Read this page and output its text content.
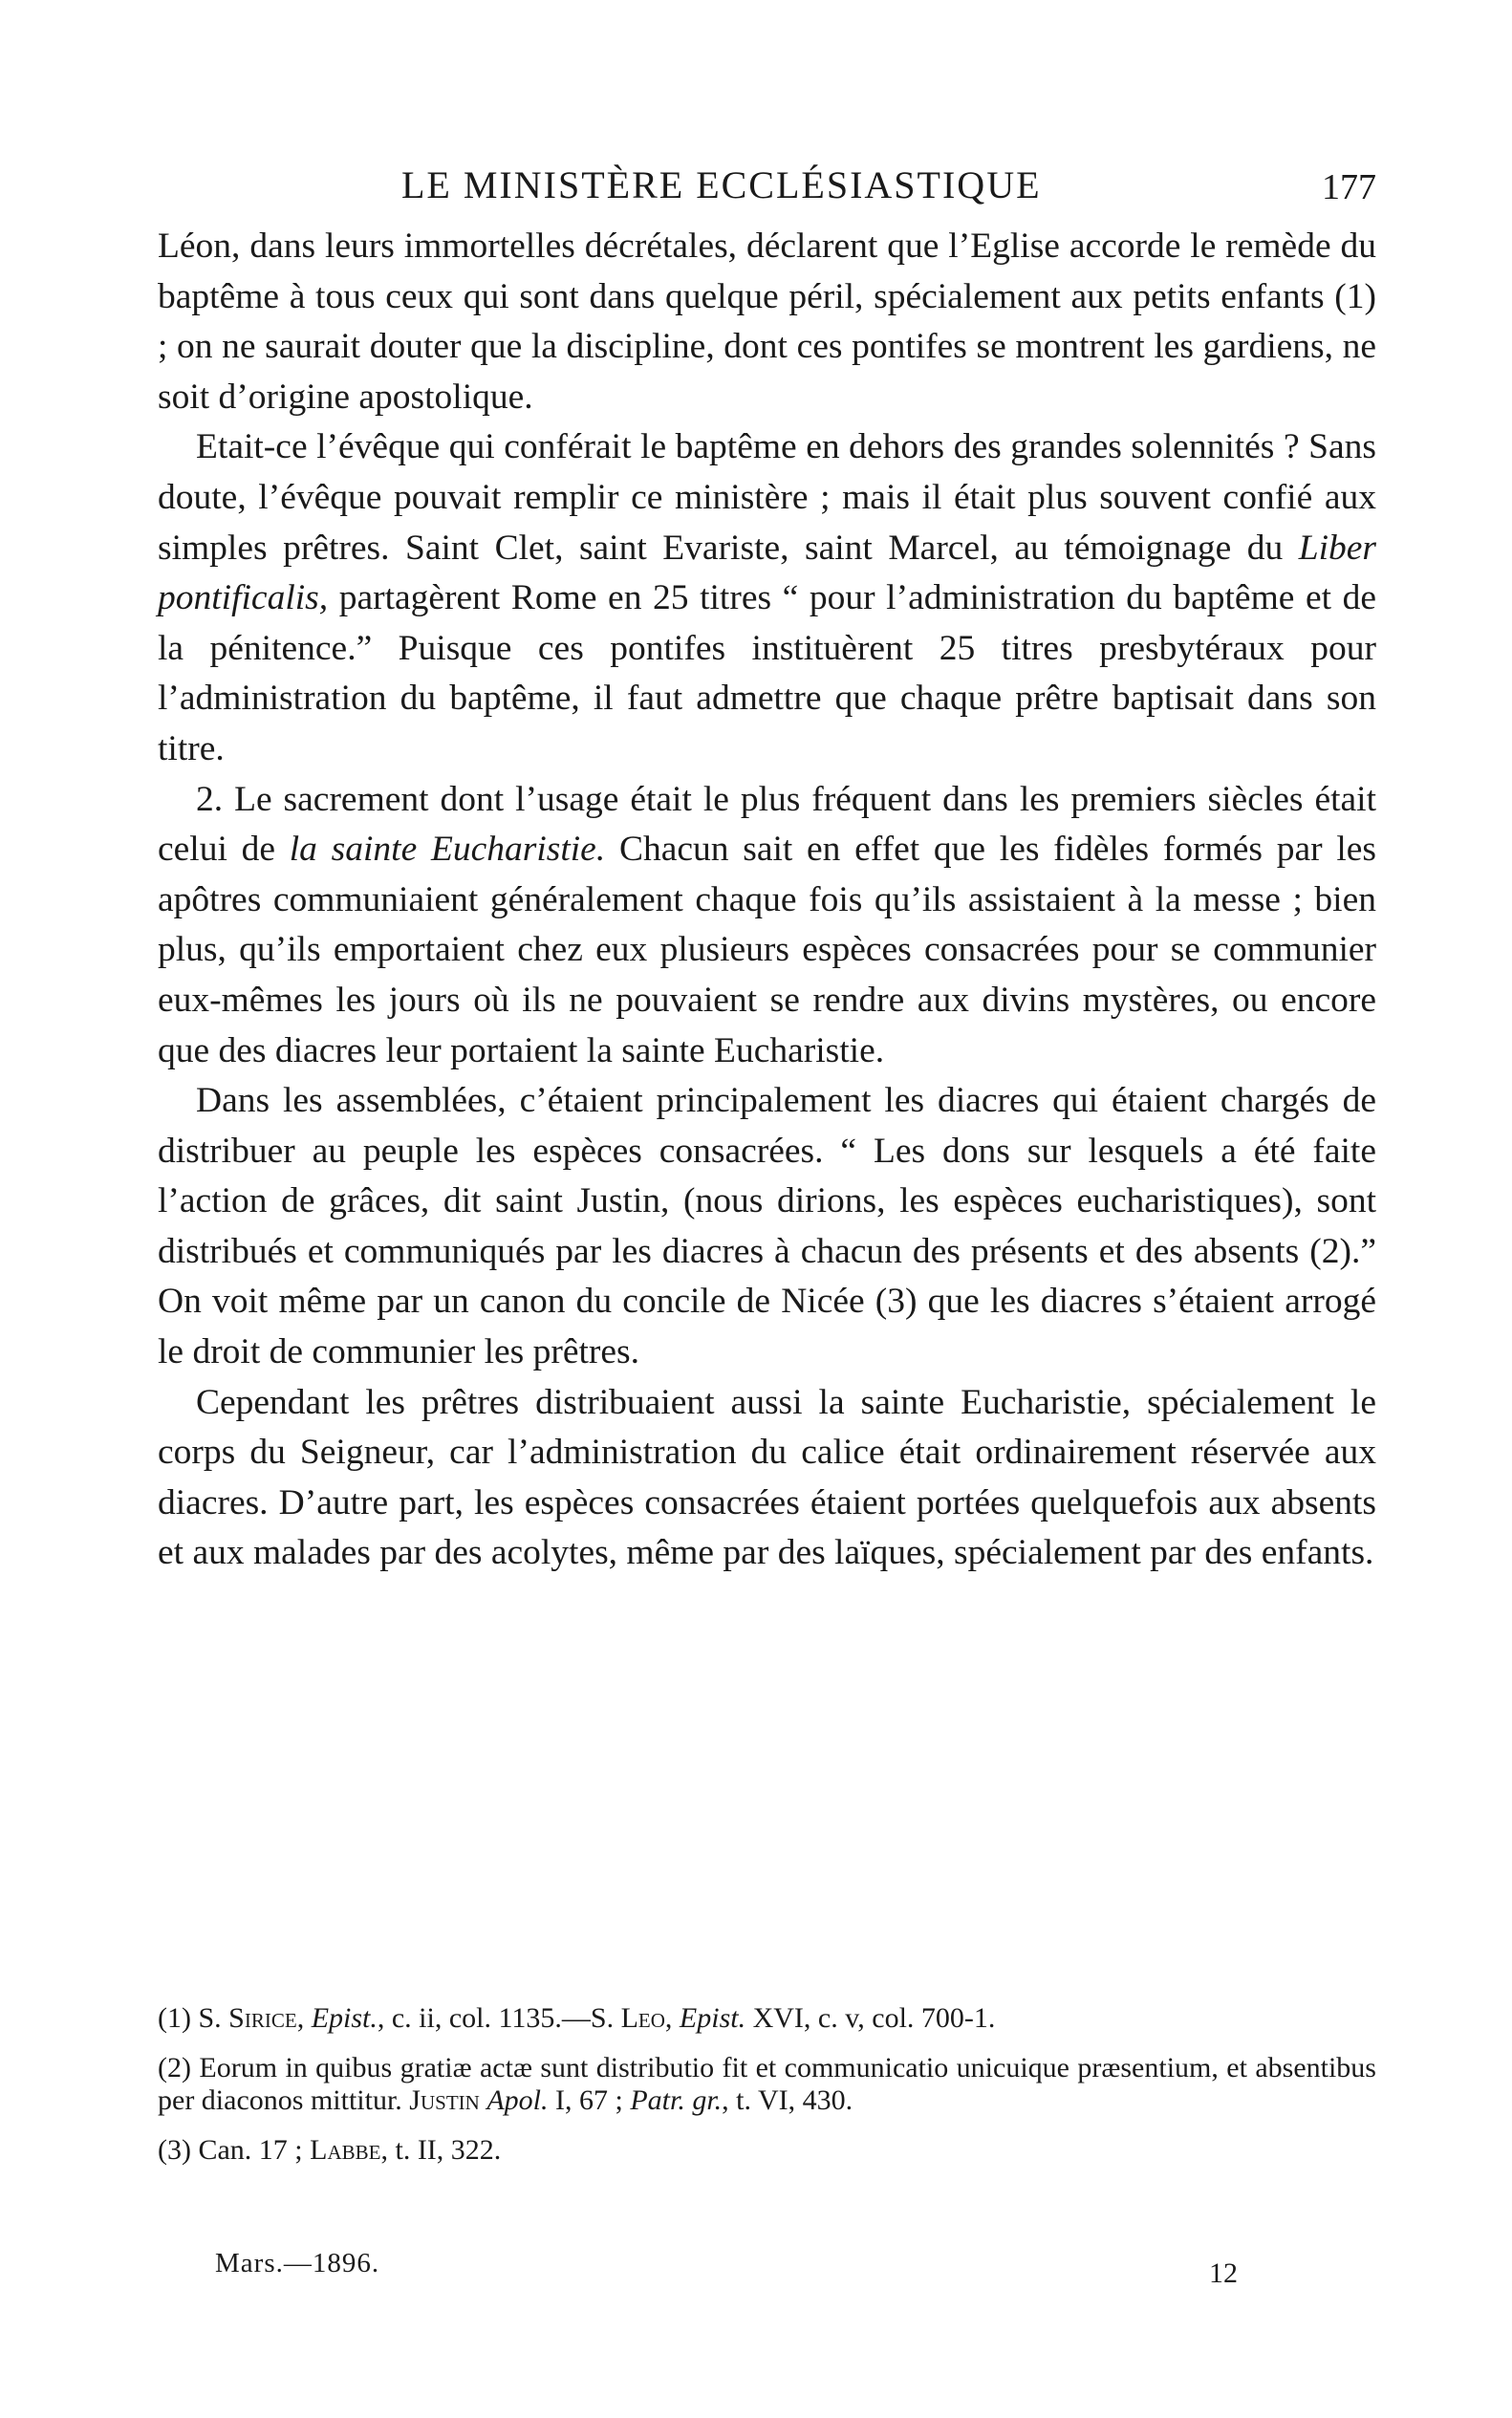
LE MINISTÈRE ECCLÉSIASTIQUE	177

Léon, dans leurs immortelles décrétales, déclarent que l’Eglise accorde le remède du baptême à tous ceux qui sont dans quelque péril, spécialement aux petits enfants (1) ; on ne saurait douter que la discipline, dont ces pontifes se montrent les gardiens, ne soit d’origine apostolique.

Etait-ce l’évêque qui conférait le baptême en dehors des grandes solennités ? Sans doute, l’évêque pouvait remplir ce ministère ; mais il était plus souvent confié aux simples prêtres. Saint Clet, saint Evariste, saint Marcel, au témoignage du Liber pontificalis, partagèrent Rome en 25 titres “ pour l’administration du baptême et de la pénitence.” Puisque ces pontifes instituèrent 25 titres presbytéraux pour l’administration du baptême, il faut admettre que chaque prêtre baptisait dans son titre.

2. Le sacrement dont l’usage était le plus fréquent dans les premiers siècles était celui de la sainte Eucharistie. Chacun sait en effet que les fidèles formés par les apôtres communiaient généralement chaque fois qu’ils assistaient à la messe ; bien plus, qu’ils emportaient chez eux plusieurs espèces consacrées pour se communier eux-mêmes les jours où ils ne pouvaient se rendre aux divins mystères, ou encore que des diacres leur portaient la sainte Eucharistie.

Dans les assemblées, c’étaient principalement les diacres qui étaient chargés de distribuer au peuple les espèces consacrées. “ Les dons sur lesquels a été faite l’action de grâces, dit saint Justin, (nous dirions, les espèces eucharistiques), sont distribués et communiqués par les diacres à chacun des présents et des absents (2).” On voit même par un canon du concile de Nicée (3) que les diacres s’étaient arrogé le droit de communier les prêtres.

Cependant les prêtres distribuaient aussi la sainte Eucharistie, spécialement le corps du Seigneur, car l’administration du calice était ordinairement réservée aux diacres. D’autre part, les espèces consacrées étaient portées quelquefois aux absents et aux malades par des acolytes, même par des laïques, spécialement par des enfants.

(1) S. Sirice, Epist., c. ii, col. 1135.—S. Leo, Epist. XVI, c. v, col. 700-1.

(2) Eorum in quibus gratiæ actæ sunt distributio fit et communicatio unicuique præsentium, et absentibus per diaconos mittitur. Justin Apol. I, 67 ; Patr. gr., t. VI, 430.

(3) Can. 17 ; Labbe, t. II, 322.

Mars.—1896.	12
